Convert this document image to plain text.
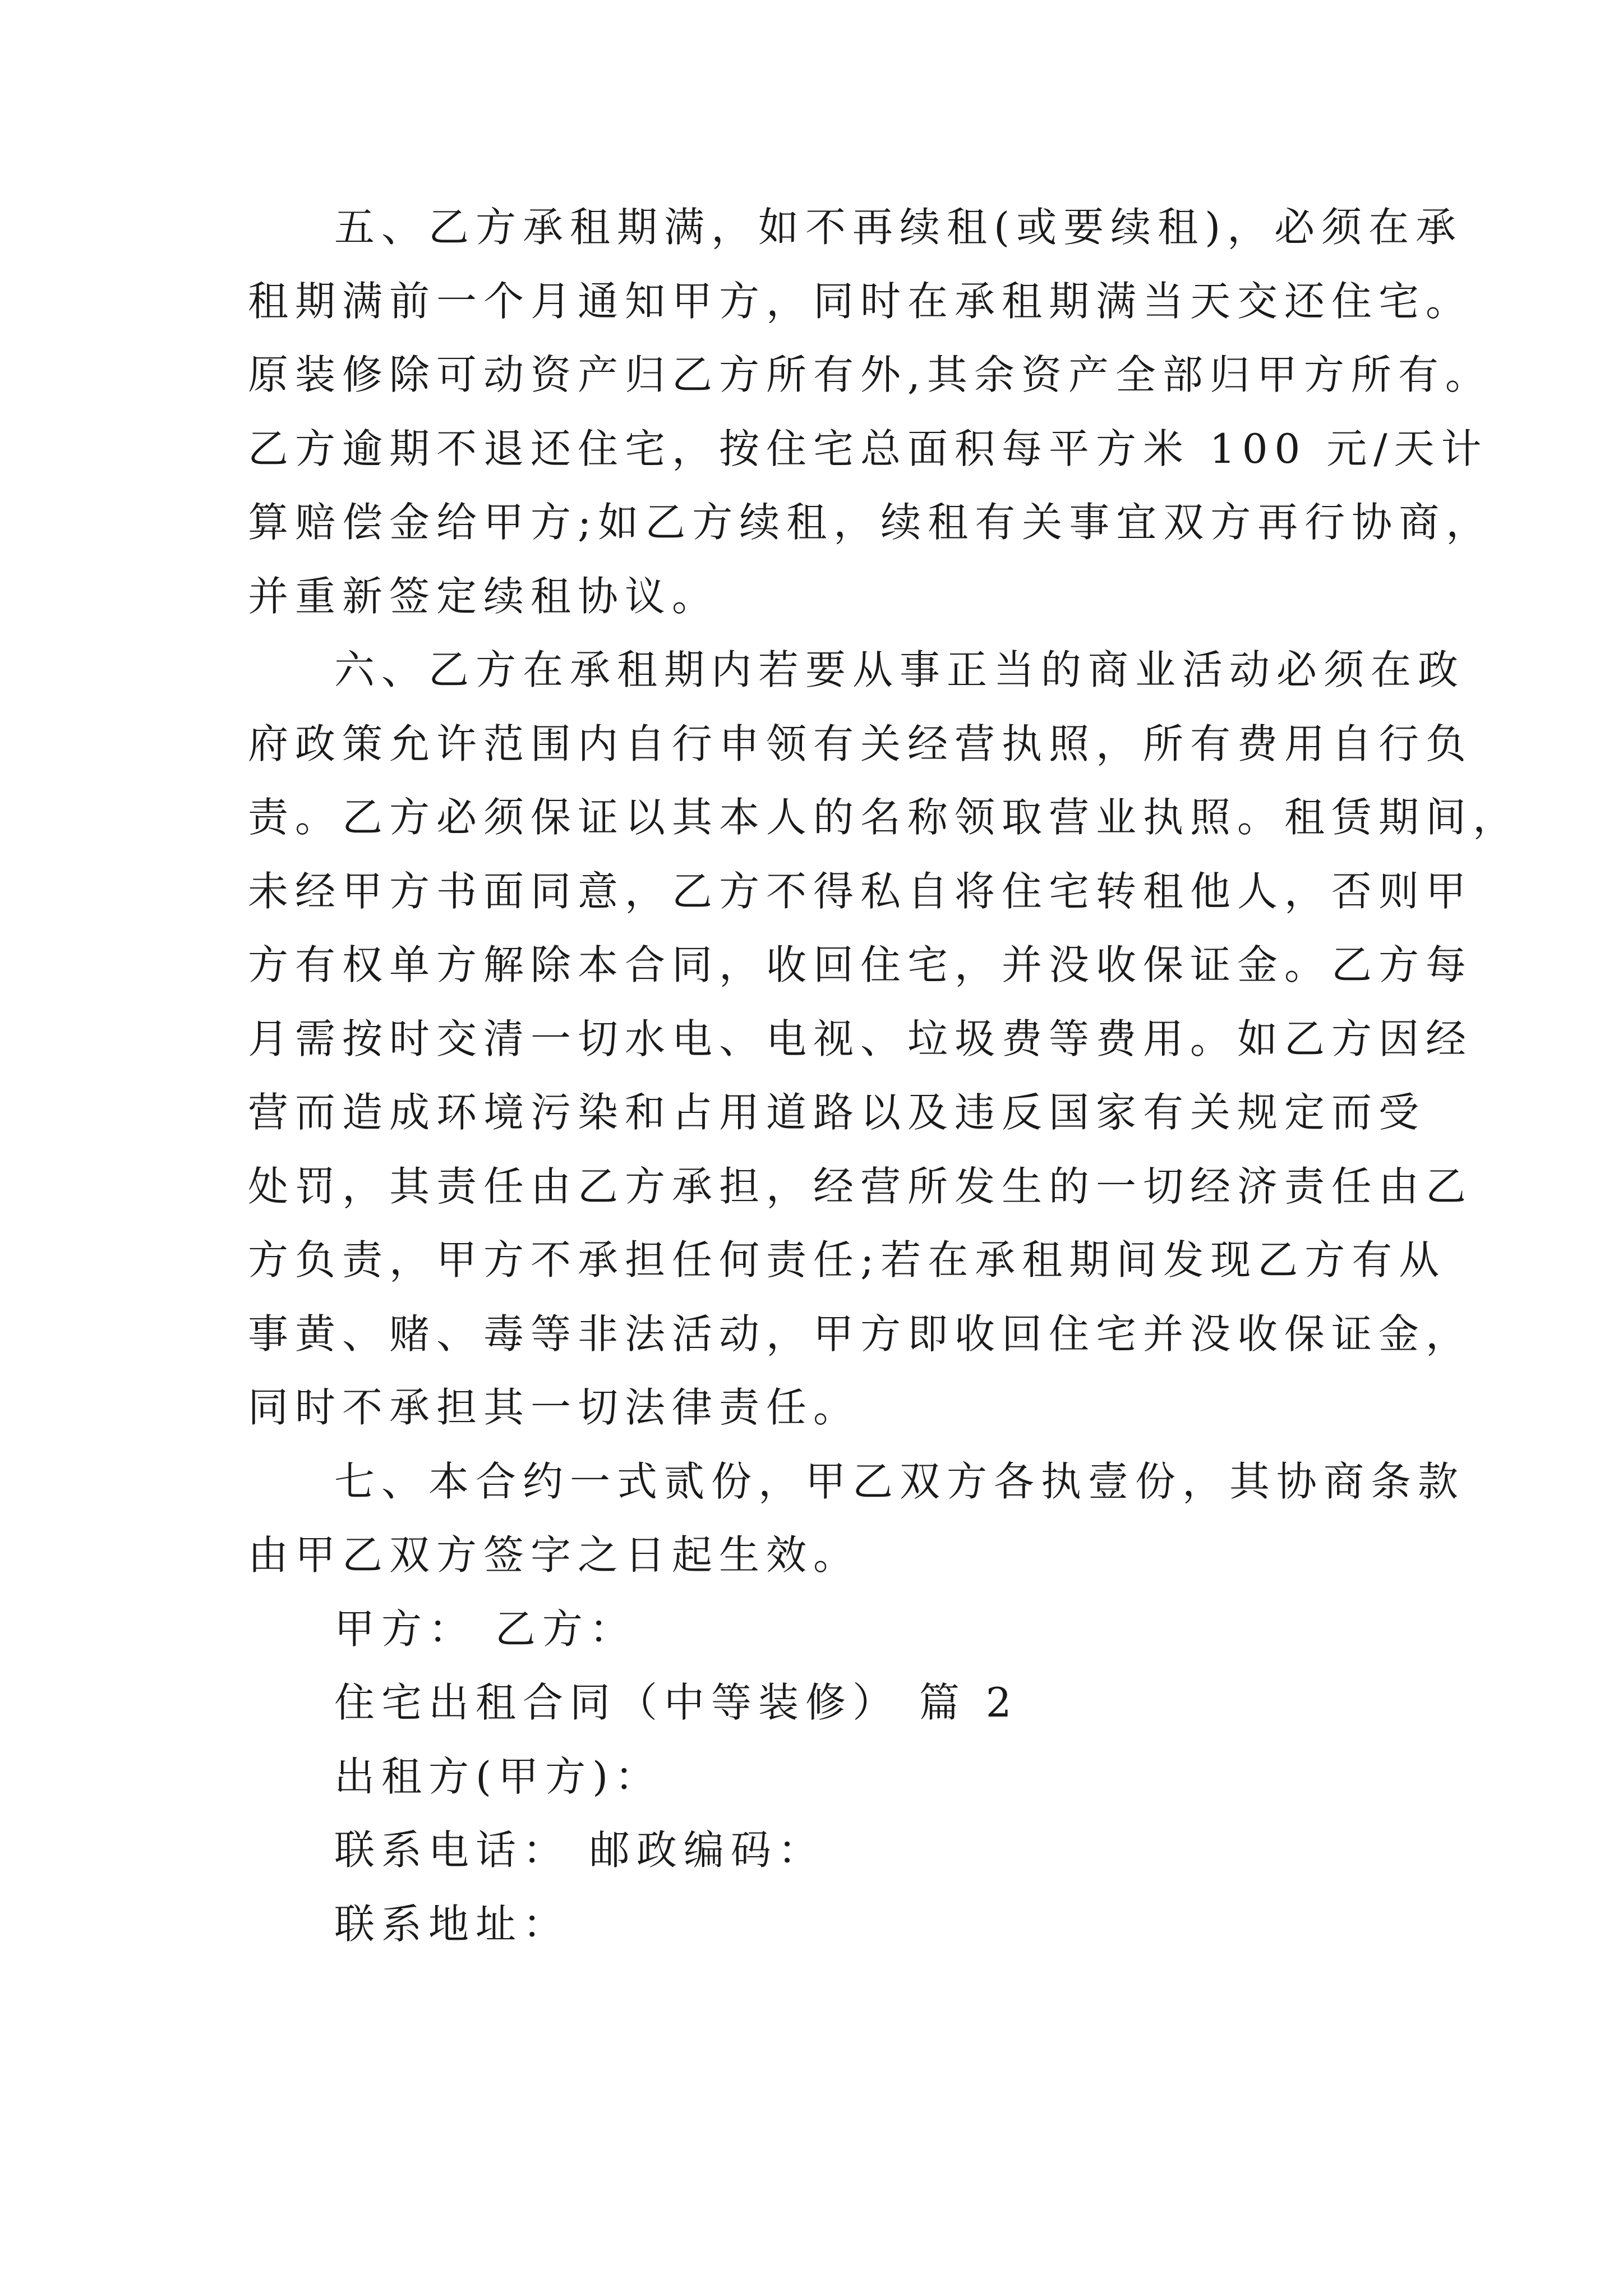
五、乙方承租期满，如不再续租(或要续租)，必须在承
租期满前一个月通知甲方，同时在承租期满当天交还住宅。
原装修除可动资产归乙方所有外,其余资产全部归甲方所有。
乙方逾期不退还住宅，按住宅总面积每平方米 100 元/天计
算赔偿金给甲方;如乙方续租，续租有关事宜双方再行协商，
并重新签定续租协议。
六、乙方在承租期内若要从事正当的商业活动必须在政
府政策允许范围内自行申领有关经营执照，所有费用自行负
责。乙方必须保证以其本人的名称领取营业执照。租赁期间，
未经甲方书面同意，乙方不得私自将住宅转租他人，否则甲
方有权单方解除本合同，收回住宅，并没收保证金。乙方每
月需按时交清一切水电、电视、垃圾费等费用。如乙方因经
营而造成环境污染和占用道路以及违反国家有关规定而受
处罚，其责任由乙方承担，经营所发生的一切经济责任由乙
方负责，甲方不承担任何责任;若在承租期间发现乙方有从
事黄、赌、毒等非法活动，甲方即收回住宅并没收保证金，
同时不承担其一切法律责任。
七、本合约一式贰份，甲乙双方各执壹份，其协商条款
由甲乙双方签字之日起生效。
甲方： 乙方：
住宅出租合同（中等装修） 篇 2
出租方(甲方)：
联系电话： 邮政编码：
联系地址：
